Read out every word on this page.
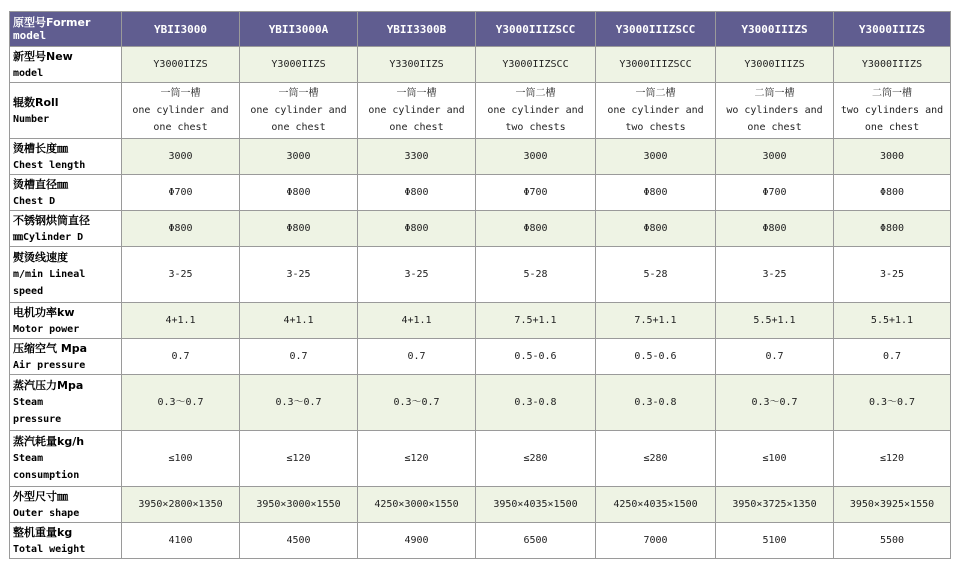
原型号Former
model	YBII3000	YBII3000A	YBII3300B	Y3000IIIZSCC	Y3000IIIZSCC	Y3000IIIZS	Y3000IIIZS

新型号New
model	Y3000IIZS	Y3000IIZS	Y3300IIZS	Y3000IIZSCC	Y3000IIIZSCC	Y3000IIIZS	Y3000IIIZS

辊数Roll
Number	一筒一槽
one cylinder and
one chest	一筒一槽
one cylinder and
one chest	一筒一槽
one cylinder and
one chest	一筒二槽
one cylinder and
two chests	一筒二槽
one cylinder and
two chests	二筒一槽
wo cylinders and
one chest	二筒一槽
two cylinders and
one chest

烫槽长度㎜
Chest length	3000	3000	3300	3000	3000	3000	3000

烫槽直径㎜
Chest D	Φ700	Φ800	Φ800	Φ700	Φ800	Φ700	Φ800

不锈钢烘筒直径
㎜Cylinder D	Φ800	Φ800	Φ800	Φ800	Φ800	Φ800	Φ800

熨烫线速度
m/min Lineal
speed	3-25	3-25	3-25	5-28	5-28	3-25	3-25

电机功率kw
Motor power	4+1.1	4+1.1	4+1.1	7.5+1.1	7.5+1.1	5.5+1.1	5.5+1.1

压缩空气 Mpa
Air pressure	0.7	0.7	0.7	0.5-0.6	0.5-0.6	0.7	0.7

蒸汽压力Mpa
Steam
pressure	0.3～0.7	0.3～0.7	0.3～0.7	0.3-0.8	0.3-0.8	0.3～0.7	0.3～0.7

蒸汽耗量kg/h
Steam
consumption	≤100	≤120	≤120	≤280	≤280	≤100	≤120

外型尺寸㎜
Outer shape	3950×2800×1350	3950×3000×1550	4250×3000×1550	3950×4035×1500	4250×4035×1500	3950×3725×1350	3950×3925×1550

整机重量kg
Total weight	4100	4500	4900	6500	7000	5100	5500
